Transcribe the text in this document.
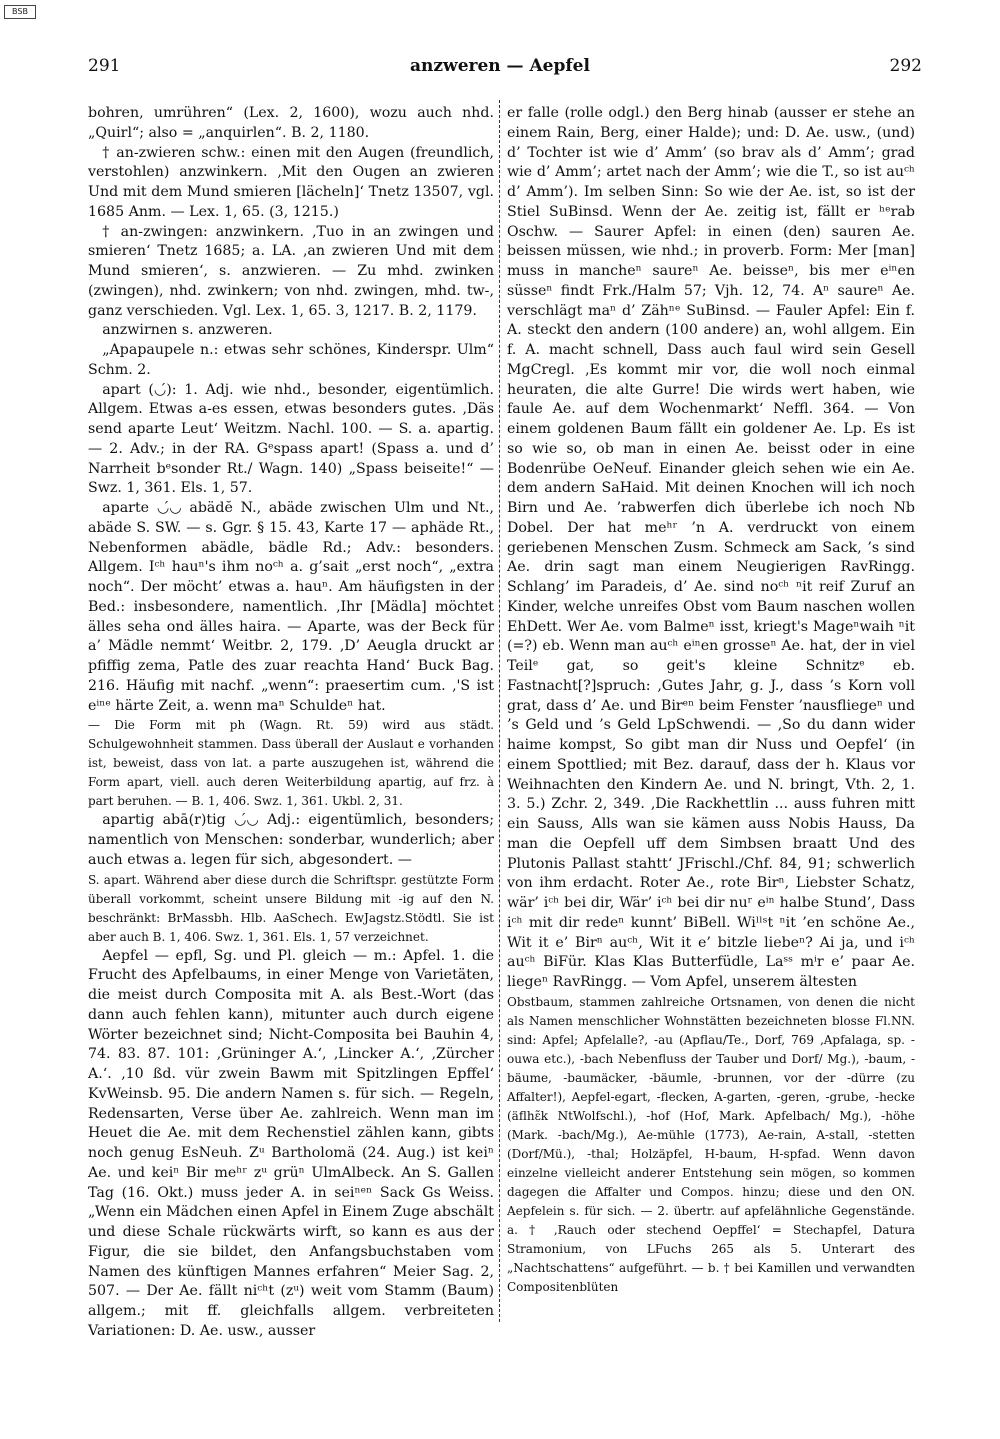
BSB
291	anzweren — Aepfel	292

bohren, umrühren“ (Lex. 2, 1600), wozu auch nhd. „Quirl“; also = „anquirlen“. B. 2, 1180.

† an-zwieren schw.: einen mit den Augen (freundlich, verstohlen) anzwinkern. ‚Mit den Ougen an zwieren Und mit dem Mund smieren [lächeln]‘ Tnetz 13507, vgl. 1685 Anm. — Lex. 1, 65. (3, 1215.)

† an-zwingen: anzwinkern. ‚Tuo in an zwingen und smieren‘ Tnetz 1685; a. LA. ‚an zwieren Und mit dem Mund smieren‘, s. anzwieren. — Zu mhd. zwinken (zwingen), nhd. zwinkern; von nhd. zwingen, mhd. tw-, ganz verschieden. Vgl. Lex. 1, 65. 3, 1217. B. 2, 1179.

anzwirnen s. anzweren.

„Apapaupele n.: etwas sehr schönes, Kinderspr. Ulm“ Schm. 2.

apart (◡́): 1. Adj. wie nhd., besonder, eigentümlich. Allgem. Etwas a-es essen, etwas besonders gutes. ‚Däs send aparte Leut‘ Weitzm. Nachl. 100. — S. a. apartig. — 2. Adv.; in der RA. Gᵉspass apart! (Spass a. und d’ Narrheit bᵉsonder Rt./ Wagn. 140) „Spass beiseite!“ — Swz. 1, 361. Els. 1, 57.

aparte ◡́◡ abädĕ N., abäde zwischen Ulm und Nt., abäde S. SW. — s. Ggr. § 15. 43, Karte 17 — aphäde Rt., Nebenformen abädle, bädle Rd.; Adv.: besonders. Allgem. Iᶜʰ hauⁿ's ihm noᶜʰ a. g’sait „erst noch“, „extra noch“. Der möcht’ etwas a. hauⁿ. Am häufigsten in der Bed.: insbesondere, namentlich. ‚Ihr [Mädla] möchtet älles seha ond älles haira. — Aparte, was der Beck für a’ Mädle nemmt‘ Weitbr. 2, 179. ‚D’ Aeugla druckt ar pfiffig zema, Patle des zuar reachta Hand‘ Buck Bag. 216. Häufig mit nachf. „wenn“: praesertim cum. ‚'S ist eⁱⁿᵉ härte Zeit, a. wenn maⁿ Schuldeⁿ hat.

— Die Form mit ph (Wagn. Rt. 59) wird aus städt. Schulgewohnheit stammen. Dass überall der Auslaut e vorhanden ist, beweist, dass von lat. a parte auszugehen ist, während die Form apart, viell. auch deren Weiterbildung apartig, auf frz. à part beruhen. — B. 1, 406. Swz. 1, 361. Ukbl. 2, 31.

apartig abā(r)tig ◡́◡ Adj.: eigentümlich, besonders; namentlich von Menschen: sonderbar, wunderlich; aber auch etwas a. legen für sich, abgesondert. —

S. apart. Während aber diese durch die Schriftspr. gestützte Form überall vorkommt, scheint unsere Bildung mit -ig auf den N. beschränkt: BrMassbh. Hlb. AaSchech. EwJagstz.Stödtl. Sie ist aber auch B. 1, 406. Swz. 1, 361. Els. 1, 57 verzeichnet.

Aepfel — epfl, Sg. und Pl. gleich — m.: Apfel. 1. die Frucht des Apfelbaums, in einer Menge von Varietäten, die meist durch Composita mit A. als Best.-Wort (das dann auch fehlen kann), mitunter auch durch eigene Wörter bezeichnet sind; Nicht-Composita bei Bauhin 4, 74. 83. 87. 101: ‚Grüninger A.‘, ‚Lincker A.‘, ‚Zürcher A.‘. ‚10 ßd. vür zwein Bawm mit Spitzlingen Epffel‘ KvWeinsb. 95. Die andern Namen s. für sich. — Regeln, Redensarten, Verse über Ae. zahlreich. Wenn man im Heuet die Ae. mit dem Rechenstiel zählen kann, gibts noch genug EsNeuh. Zᵘ Bartholomä (24. Aug.) ist keiⁿ Ae. und keiⁿ Bir meʰʳ zᵘ grüⁿ UlmAlbeck. An S. Gallen Tag (16. Okt.) muss jeder A. in seiⁿᵉⁿ Sack Gs Weiss. „Wenn ein Mädchen einen Apfel in Einem Zuge abschält und diese Schale rückwärts wirft, so kann es aus der Figur, die sie bildet, den Anfangsbuchstaben vom Namen des künftigen Mannes erfahren“ Meier Sag. 2, 507. — Der Ae. fällt niᶜʰt (zᵘ) weit vom Stamm (Baum) allgem.; mit ff. gleichfalls allgem. verbreiteten Variationen: D. Ae. usw., ausser

er falle (rolle odgl.) den Berg hinab (ausser er stehe an einem Rain, Berg, einer Halde); und: D. Ae. usw., (und) d’ Tochter ist wie d’ Amm’ (so brav als d’ Amm’; grad wie d’ Amm’; artet nach der Amm’; wie die T., so ist auᶜʰ d’ Amm’). Im selben Sinn: So wie der Ae. ist, so ist der Stiel SuBinsd. Wenn der Ae. zeitig ist, fällt er ʰᵉrab Oschw. — Saurer Apfel: in einen (den) sauren Ae. beissen müssen, wie nhd.; in proverb. Form: Mer [man] muss in mancheⁿ saureⁿ Ae. beisseⁿ, bis mer eⁱⁿen süsseⁿ findt Frk./Halm 57; Vjh. 12, 74. Aⁿ saureⁿ Ae. verschlägt maⁿ d’ Zähⁿᵉ SuBinsd. — Fauler Apfel: Ein f. A. steckt den andern (100 andere) an, wohl allgem. Ein f. A. macht schnell, Dass auch faul wird sein Gesell MgCregl. ‚Es kommt mir vor, die woll noch einmal heuraten, die alte Gurre! Die wirds wert haben, wie faule Ae. auf dem Wochenmarkt‘ Neffl. 364. — Von einem goldenen Baum fällt ein goldener Ae. Lp. Es ist so wie so, ob man in einen Ae. beisst oder in eine Bodenrübe OeNeuf. Einander gleich sehen wie ein Ae. dem andern SaHaid. Mit deinen Knochen will ich noch Birn und Ae. ’rabwerfen dich überlebe ich noch Nb Dobel. Der hat meʰʳ ’n A. verdruckt von einem geriebenen Menschen Zusm. Schmeck am Sack, ’s sind Ae. drin sagt man einem Neugierigen RavRingg. Schlang’ im Paradeis, d’ Ae. sind noᶜʰ ⁿit reif Zuruf an Kinder, welche unreifes Obst vom Baum naschen wollen EhDett. Wer Ae. vom Balmeⁿ isst, kriegt's Mageⁿwaih ⁿit (=?) eb. Wenn man auᶜʰ eⁱⁿen grosseⁿ Ae. hat, der in viel Teilᵉ gat, so geit's kleine Schnitzᵉ eb. Fastnacht[?]spruch: ‚Gutes Jahr, g. J., dass ’s Korn voll grat, dass d’ Ae. und Birᵉⁿ beim Fenster ’nausfliegeⁿ und ’s Geld und ’s Geld LpSchwendi. — ‚So du dann wider haime kompst, So gibt man dir Nuss und Oepfel‘ (in einem Spottlied; mit Bez. darauf, dass der h. Klaus vor Weihnachten den Kindern Ae. und N. bringt, Vth. 2, 1. 3. 5.) Zchr. 2, 349. ‚Die Rackhettlin ... auss fuhren mitt ein Sauss, Alls wan sie kämen auss Nobis Hauss, Da man die Oepfell uff dem Simbsen braatt Und des Plutonis Pallast stahtt‘ JFrischl./Chf. 84, 91; schwerlich von ihm erdacht. Roter Ae., rote Birⁿ, Liebster Schatz, wär’ iᶜʰ bei dir, Wär’ iᶜʰ bei dir nuʳ eⁱⁿ halbe Stund’, Dass iᶜʰ mit dir redeⁿ kunnt’ BiBell. Wiˡˡˢt ⁿit ’en schöne Ae., Wit it e’ Birⁿ auᶜʰ, Wit it e’ bitzle liebeⁿ? Ai ja, und iᶜʰ auᶜʰ BiFür. Klas Klas Butterfüdle, Laˢˢ mⁱr e’ paar Ae. liegeⁿ RavRingg. — Vom Apfel, unserem ältesten

Obstbaum, stammen zahlreiche Ortsnamen, von denen die nicht als Namen menschlicher Wohnstätten bezeichneten blosse Fl.NN. sind: Apfel; Apfelalle?, -au (Apflau/Te., Dorf, 769 ‚Apfalaga, sp. -ouwa etc.), -bach Nebenfluss der Tauber und Dorf/ Mg.), -baum, -bäume, -baumäcker, -bäumle, -brunnen, vor der -dürre (zu Affalter!), Aepfel-egart, -flecken, A-garten, -geren, -grube, -hecke (äflhɛ̃k NtWolfschl.), -hof (Hof, Mark. Apfelbach/ Mg.), -höhe (Mark. -bach/Mg.), Ae-mühle (1773), Ae-rain, A-stall, -stetten (Dorf/Mü.), -thal; Holzäpfel, H-baum, H-spfad. Wenn davon einzelne vielleicht anderer Entstehung sein mögen, so kommen dagegen die Affalter und Compos. hinzu; diese und den ON. Aepfelein s. für sich. — 2. übertr. auf apfelähnliche Gegenstände. a. † ‚Rauch oder stechend Oepffel‘ = Stechapfel, Datura Stramonium, von LFuchs 265 als 5. Unterart des „Nachtschattens“ aufgeführt. — b. † bei Kamillen und verwandten Compositenblüten
